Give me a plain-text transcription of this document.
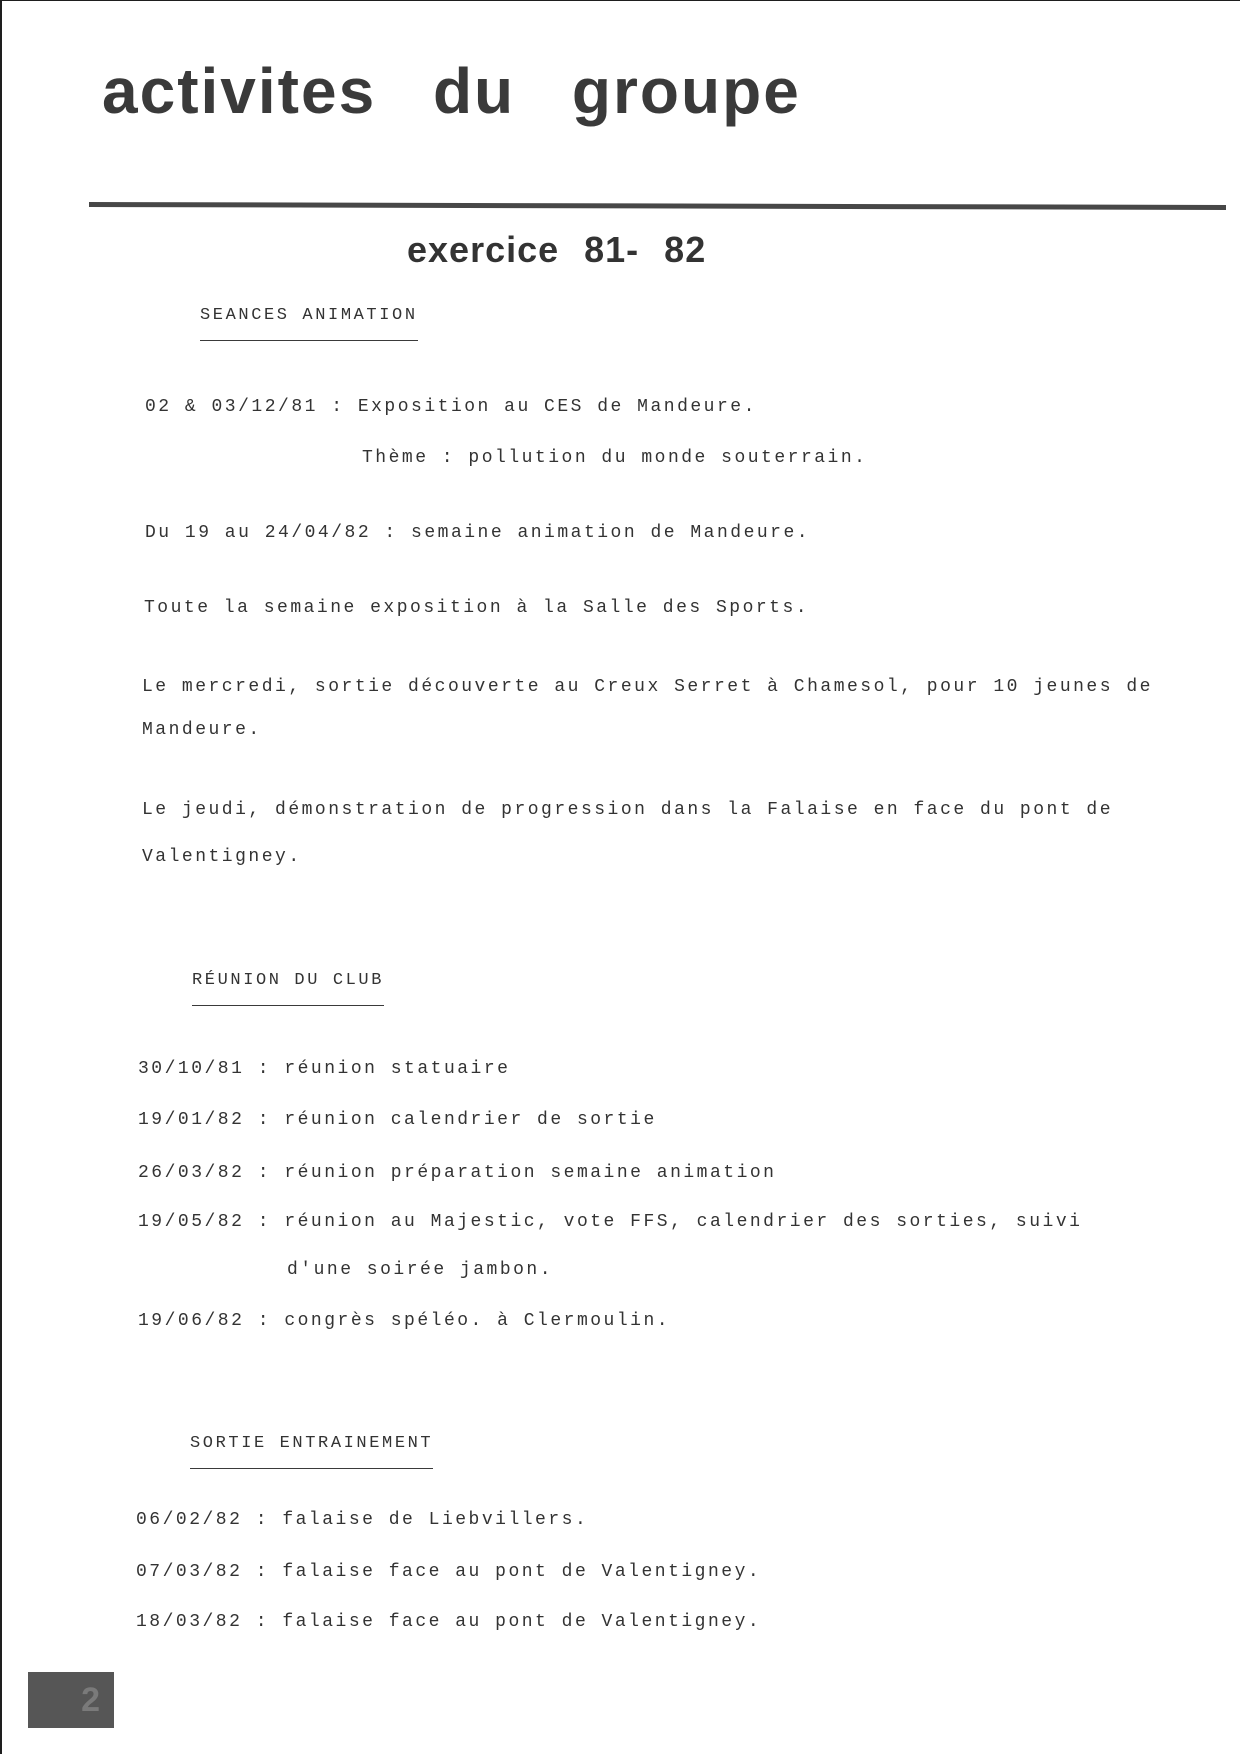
activites du groupe
exercice 81- 82
SEANCES ANIMATION
02 & 03/12/81 : Exposition au CES de Mandeure.
Thème : pollution du monde souterrain.
Du 19 au 24/04/82 : semaine animation de Mandeure.
Toute la semaine exposition à la Salle des Sports.
Le mercredi, sortie découverte au Creux Serret à Chamesol, pour 10 jeunes de
Mandeure.
Le jeudi, démonstration de progression dans la Falaise en face du pont de
Valentigney.
RÉUNION DU CLUB
30/10/81 : réunion statuaire
19/01/82 : réunion calendrier de sortie
26/03/82 : réunion préparation semaine animation
19/05/82 : réunion au Majestic, vote FFS, calendrier des sorties, suivi
d'une soirée jambon.
19/06/82 : congrès spéléo. à Clermoulin.
SORTIE ENTRAINEMENT
06/02/82 : falaise de Liebvillers.
07/03/82 : falaise face au pont de Valentigney.
18/03/82 : falaise face au pont de Valentigney.
2
